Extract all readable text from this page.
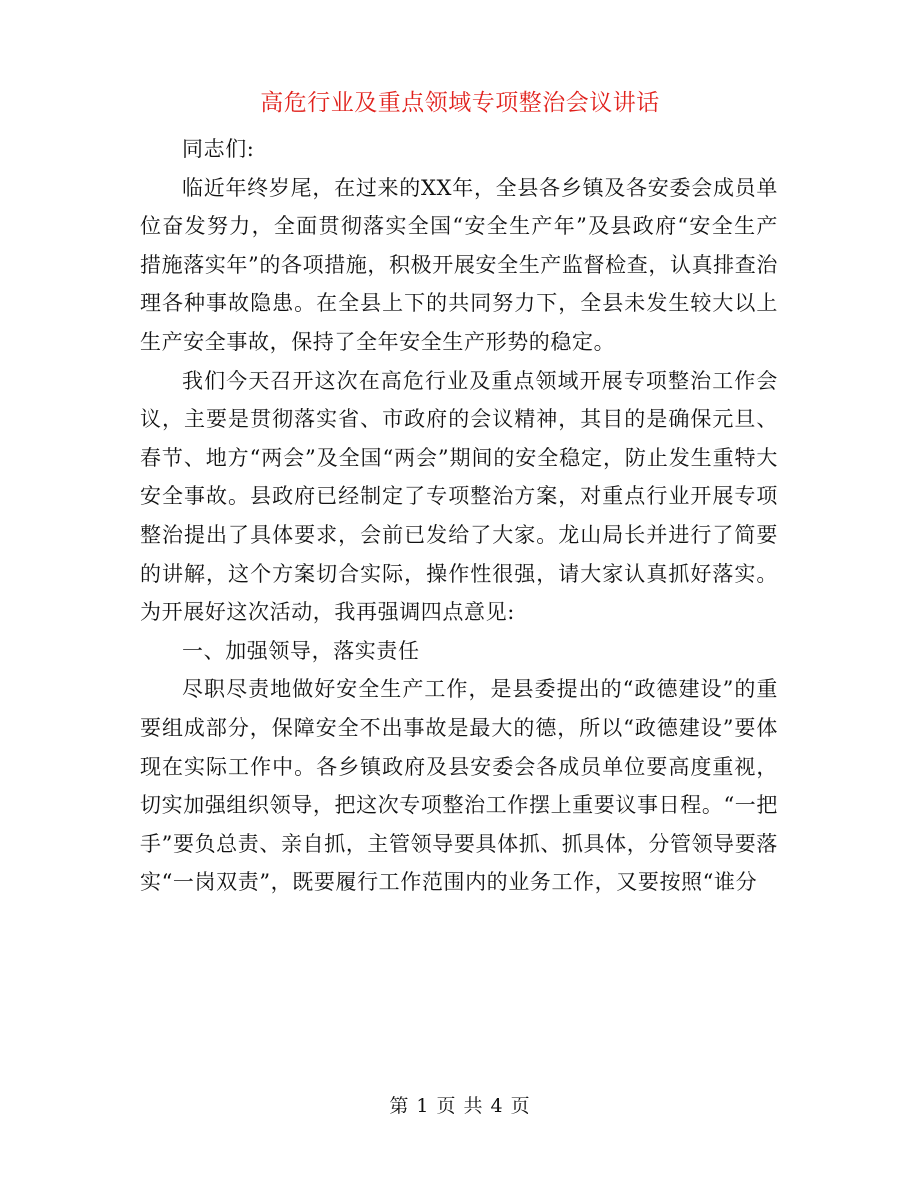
高危行业及重点领域专项整治会议讲话

同志们:

临近年终岁尾，在过来的XX年，全县各乡镇及各安委会成员单位奋发努力，全面贯彻落实全国“安全生产年”及县政府“安全生产措施落实年”的各项措施，积极开展安全生产监督检查，认真排查治理各种事故隐患。在全县上下的共同努力下，全县未发生较大以上生产安全事故，保持了全年安全生产形势的稳定。

我们今天召开这次在高危行业及重点领域开展专项整治工作会议，主要是贯彻落实省、市政府的会议精神，其目的是确保元旦、春节、地方“两会”及全国“两会”期间的安全稳定，防止发生重特大安全事故。县政府已经制定了专项整治方案，对重点行业开展专项整治提出了具体要求，会前已发给了大家。龙山局长并进行了简要的讲解，这个方案切合实际，操作性很强，请大家认真抓好落实。为开展好这次活动，我再强调四点意见:

一、加强领导，落实责任

尽职尽责地做好安全生产工作，是县委提出的“政德建设”的重要组成部分，保障安全不出事故是最大的德，所以“政德建设”要体现在实际工作中。各乡镇政府及县安委会各成员单位要高度重视，切实加强组织领导，把这次专项整治工作摆上重要议事日程。“一把手”要负总责、亲自抓，主管领导要具体抓、抓具体，分管领导要落实“一岗双责”，既要履行工作范围内的业务工作，又要按照“谁分

第 1 页 共 4 页
